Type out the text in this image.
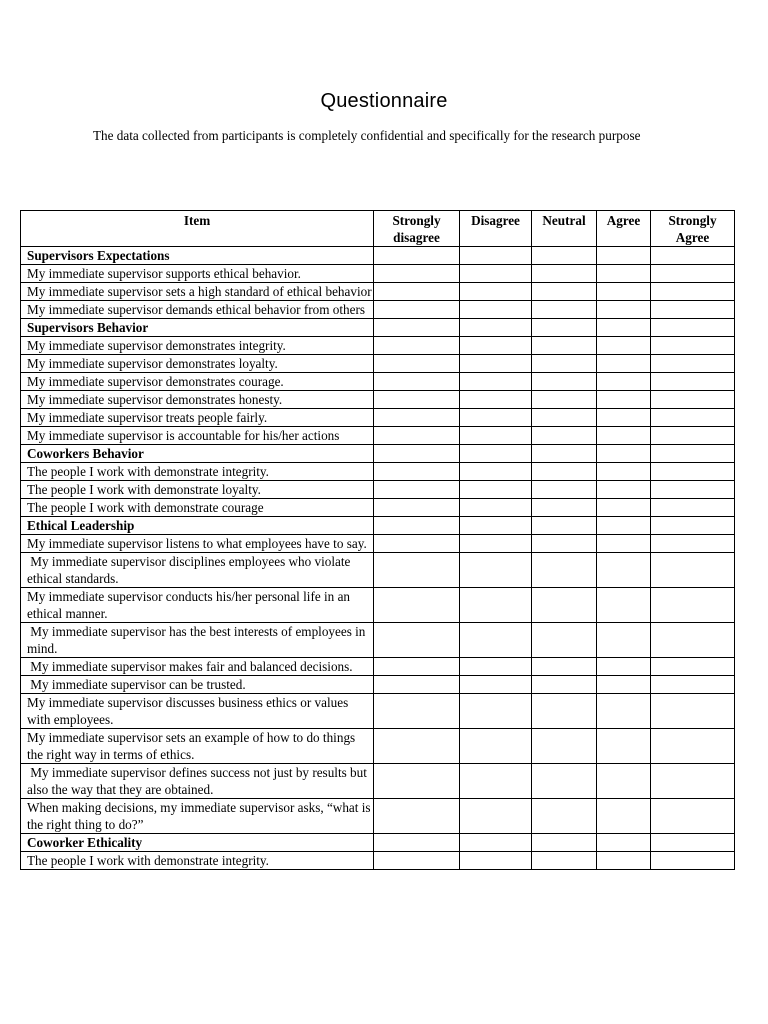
Questionnaire
The data collected from participants is completely confidential and specifically for the research purpose
Item	Strongly disagree	Disagree	Neutral	Agree	Strongly Agree
Supervisors Expectations					
My immediate supervisor supports ethical behavior.					
My immediate supervisor sets a high standard of ethical behavior					
My immediate supervisor demands ethical behavior from others					
Supervisors Behavior					
My immediate supervisor demonstrates integrity.					
My immediate supervisor demonstrates loyalty.					
My immediate supervisor demonstrates courage.					
My immediate supervisor demonstrates honesty.					
My immediate supervisor treats people fairly.					
My immediate supervisor is accountable for his/her actions					
Coworkers Behavior					
The people I work with demonstrate integrity.					
The people I work with demonstrate loyalty.					
The people I work with demonstrate courage					
Ethical Leadership					
My immediate supervisor listens to what employees have to say.					
My immediate supervisor disciplines employees who violate ethical standards.					
My immediate supervisor conducts his/her personal life in an ethical manner.					
My immediate supervisor has the best interests of employees in mind.					
My immediate supervisor makes fair and balanced decisions.					
My immediate supervisor can be trusted.					
My immediate supervisor discusses business ethics or values with employees.					
My immediate supervisor sets an example of how to do things the right way in terms of ethics.					
My immediate supervisor defines success not just by results but also the way that they are obtained.					
When making decisions, my immediate supervisor asks, “what is the right thing to do?”					
Coworker Ethicality					
The people I work with demonstrate integrity.					
